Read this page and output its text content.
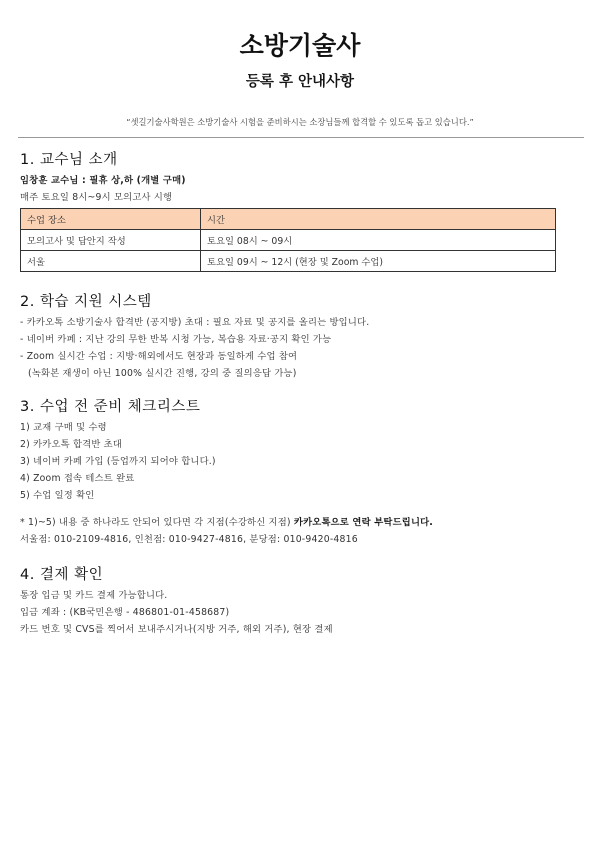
소방기술사
등록 후 안내사항
“셋길기술사학원은 소방기술사 시험을 준비하시는 소장님들께 합격할 수 있도록 돕고 있습니다.”
1. 교수님 소개
임창훈 교수님 : 필휴 상,하 (개별 구매)
매주 토요일 8시~9시 모의고사 시행
수업 장소	시간
모의고사 및 답안지 작성	토요일 08시 ~ 09시
서울	토요일 09시 ~ 12시 (현장 및 Zoom 수업)
2. 학습 지원 시스템
- 카카오톡 소방기술사 합격반 (공지방) 초대 : 필요 자료 및 공지를 올리는 방입니다.
- 네이버 카페 : 지난 강의 무한 반복 시청 가능, 복습용 자료·공지 확인 가능
- Zoom 실시간 수업 : 지방·해외에서도 현장과 동일하게 수업 참여
(녹화본 재생이 아닌 100% 실시간 진행, 강의 중 질의응답 가능)
3. 수업 전 준비 체크리스트
1) 교재 구매 및 수령
2) 카카오톡 합격반 초대
3) 네이버 카페 가입 (등업까지 되어야 합니다.)
4) Zoom 접속 테스트 완료
5) 수업 일정 확인
* 1)~5) 내용 중 하나라도 안되어 있다면 각 지점(수강하신 지점) 카카오톡으로 연락 부탁드립니다.
서울점: 010-2109-4816, 인천점: 010-9427-4816, 분당점: 010-9420-4816
4. 결제 확인
통장 입금 및 카드 결제 가능합니다.
입금 계좌 : (KB국민은행 - 486801-01-458687)
카드 번호 및 CVS를 찍어서 보내주시거나(지방 거주, 해외 거주), 현장 결제
